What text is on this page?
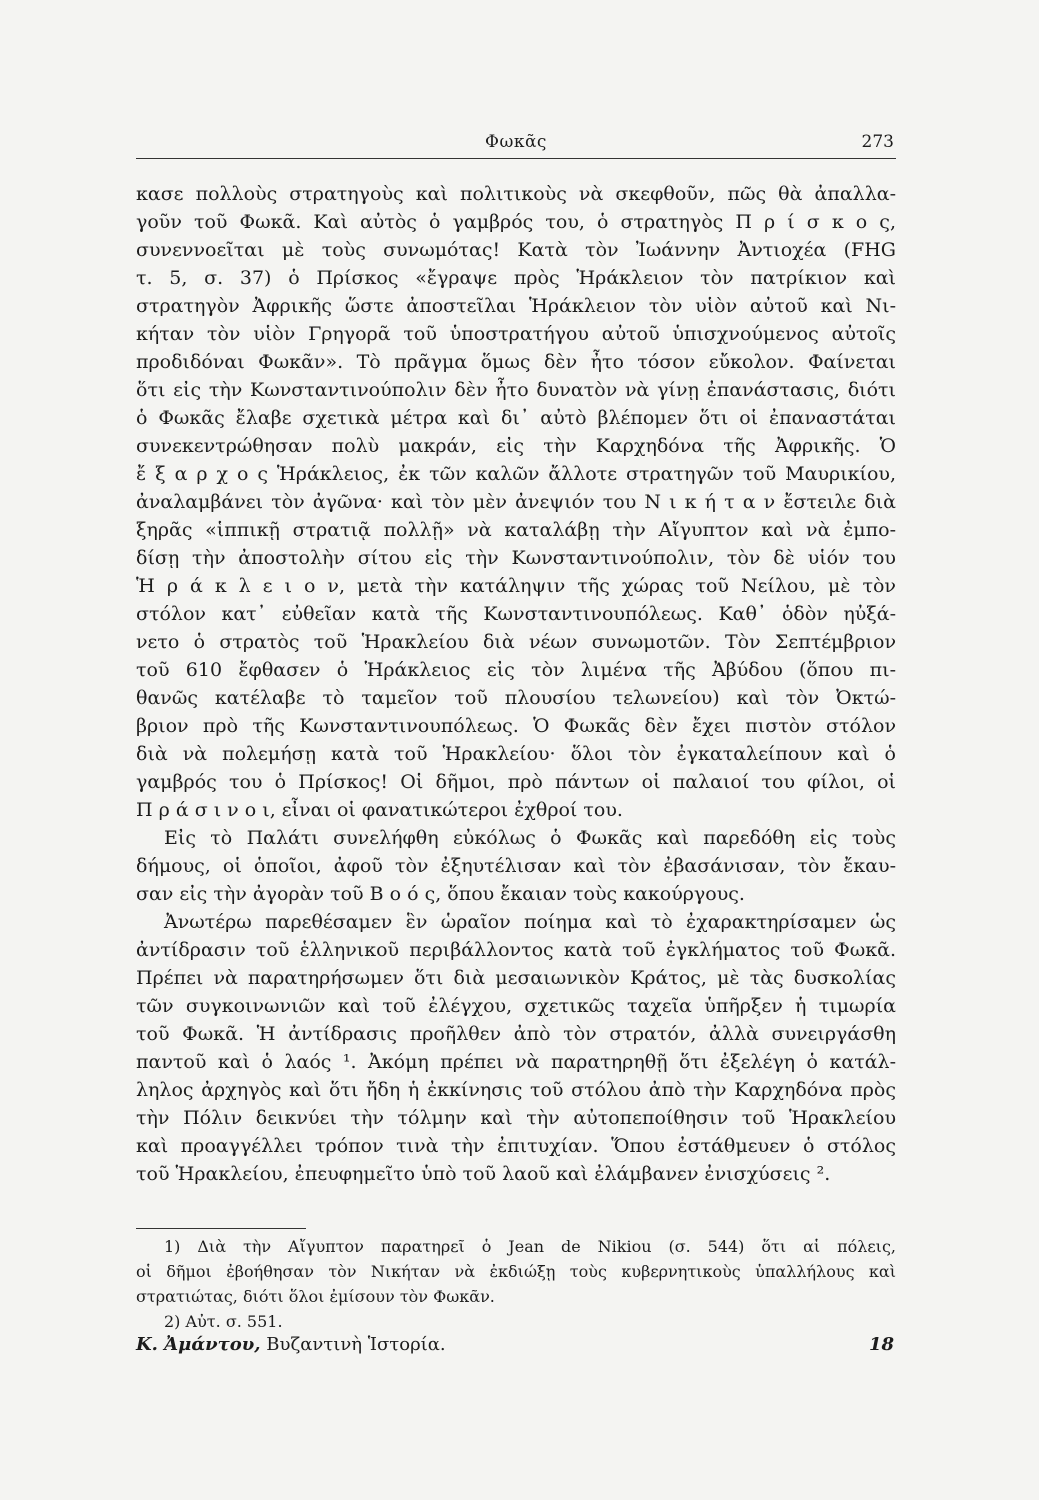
Φωκᾶς	273
κασε πολλοὺς στρατηγοὺς καὶ πολιτικοὺς νὰ σκεφθοῦν, πῶς θὰ ἀπαλλα-
γοῦν τοῦ Φωκᾶ. Καὶ αὐτὸς ὁ γαμβρός του, ὁ στρατηγὸς Π ρ ί σ κ ο ς,
συνεννοεῖται μὲ τοὺς συνωμότας! Κατὰ τὸν Ἰωάννην Ἀντιοχέα (FHG
τ. 5, σ. 37) ὁ Πρίσκος «ἔγραψε πρὸς Ἡράκλειον τὸν πατρίκιον καὶ
στρατηγὸν Ἀφρικῆς ὥστε ἀποστεῖλαι Ἡράκλειον τὸν υἱὸν αὐτοῦ καὶ Νι-
κήταν τὸν υἱὸν Γρηγορᾶ τοῦ ὑποστρατήγου αὐτοῦ ὑπισχνούμενος αὐτοῖς
προδιδόναι Φωκᾶν». Τὸ πρᾶγμα ὅμως δὲν ἦτο τόσον εὔκολον. Φαίνεται
ὅτι εἰς τὴν Κωνσταντινούπολιν δὲν ἦτο δυνατὸν νὰ γίνῃ ἐπανάστασις, διότι
ὁ Φωκᾶς ἔλαβε σχετικὰ μέτρα καὶ δι᾽ αὐτὸ βλέπομεν ὅτι οἱ ἐπαναστάται
συνεκεντρώθησαν πολὺ μακράν, εἰς τὴν Καρχηδόνα τῆς Ἀφρικῆς. Ὁ
ἔ ξ α ρ χ ο ς Ἡράκλειος, ἐκ τῶν καλῶν ἄλλοτε στρατηγῶν τοῦ Μαυρικίου,
ἀναλαμβάνει τὸν ἀγῶνα· καὶ τὸν μὲν ἀνεψιόν του Ν ι κ ή τ α ν ἔστειλε διὰ
ξηρᾶς «ἱππικῇ στρατιᾷ πολλῇ» νὰ καταλάβῃ τὴν Αἴγυπτον καὶ νὰ ἐμπο-
δίσῃ τὴν ἀποστολὴν σίτου εἰς τὴν Κωνσταντινούπολιν, τὸν δὲ υἱόν του
Ἡ ρ ά κ λ ε ι ο ν, μετὰ τὴν κατάληψιν τῆς χώρας τοῦ Νείλου, μὲ τὸν
στόλον κατ᾽ εὐθεῖαν κατὰ τῆς Κωνσταντινουπόλεως. Καθ᾽ ὁδὸν ηὐξά-
νετο ὁ στρατὸς τοῦ Ἡρακλείου διὰ νέων συνωμοτῶν. Τὸν Σεπτέμβριον
τοῦ 610 ἔφθασεν ὁ Ἡράκλειος εἰς τὸν λιμένα τῆς Ἀβύδου (ὅπου πι-
θανῶς κατέλαβε τὸ ταμεῖον τοῦ πλουσίου τελωνείου) καὶ τὸν Ὀκτώ-
βριον πρὸ τῆς Κωνσταντινουπόλεως. Ὁ Φωκᾶς δὲν ἔχει πιστὸν στόλον
διὰ νὰ πολεμήσῃ κατὰ τοῦ Ἡρακλείου· ὅλοι τὸν ἐγκαταλείπουν καὶ ὁ
γαμβρός του ὁ Πρίσκος! Οἱ δῆμοι, πρὸ πάντων οἱ παλαιοί του φίλοι, οἱ
Π ρ ά σ ι ν ο ι, εἶναι οἱ φανατικώτεροι ἐχθροί του.
Εἰς τὸ Παλάτι συνελήφθη εὐκόλως ὁ Φωκᾶς καὶ παρεδόθη εἰς τοὺς
δήμους, οἱ ὁποῖοι, ἀφοῦ τὸν ἐξηυτέλισαν καὶ τὸν ἐβασάνισαν, τὸν ἔκαυ-
σαν εἰς τὴν ἀγορὰν τοῦ Β ο ό ς, ὅπου ἔκαιαν τοὺς κακούργους.
Ἀνωτέρω παρεθέσαμεν ἓν ὡραῖον ποίημα καὶ τὸ ἐχαρακτηρίσαμεν ὡς
ἀντίδρασιν τοῦ ἑλληνικοῦ περιβάλλοντος κατὰ τοῦ ἐγκλήματος τοῦ Φωκᾶ.
Πρέπει νὰ παρατηρήσωμεν ὅτι διὰ μεσαιωνικὸν Κράτος, μὲ τὰς δυσκολίας
τῶν συγκοινωνιῶν καὶ τοῦ ἐλέγχου, σχετικῶς ταχεῖα ὑπῆρξεν ἡ τιμωρία
τοῦ Φωκᾶ. Ἡ ἀντίδρασις προῆλθεν ἀπὸ τὸν στρατόν, ἀλλὰ συνειργάσθη
παντοῦ καὶ ὁ λαός ¹. Ἀκόμη πρέπει νὰ παρατηρηθῇ ὅτι ἐξελέγη ὁ κατάλ-
ληλος ἀρχηγὸς καὶ ὅτι ἤδη ἡ ἐκκίνησις τοῦ στόλου ἀπὸ τὴν Καρχηδόνα πρὸς
τὴν Πόλιν δεικνύει τὴν τόλμην καὶ τὴν αὐτοπεποίθησιν τοῦ Ἡρακλείου
καὶ προαγγέλλει τρόπον τινὰ τὴν ἐπιτυχίαν. Ὅπου ἐστάθμευεν ὁ στόλος
τοῦ Ἡρακλείου, ἐπευφημεῖτο ὑπὸ τοῦ λαοῦ καὶ ἐλάμβανεν ἐνισχύσεις ².
1) Διὰ τὴν Αἴγυπτον παρατηρεῖ ὁ Jean de Nikiou (σ. 544) ὅτι αἱ πόλεις,
οἱ δῆμοι ἐβοήθησαν τὸν Νικήταν νὰ ἐκδιώξῃ τοὺς κυβερνητικοὺς ὑπαλλήλους καὶ
στρατιώτας, διότι ὅλοι ἐμίσουν τὸν Φωκᾶν.
2) Αὐτ. σ. 551.
Κ. Ἀμάντου, Βυζαντινὴ Ἱστορία.	18
